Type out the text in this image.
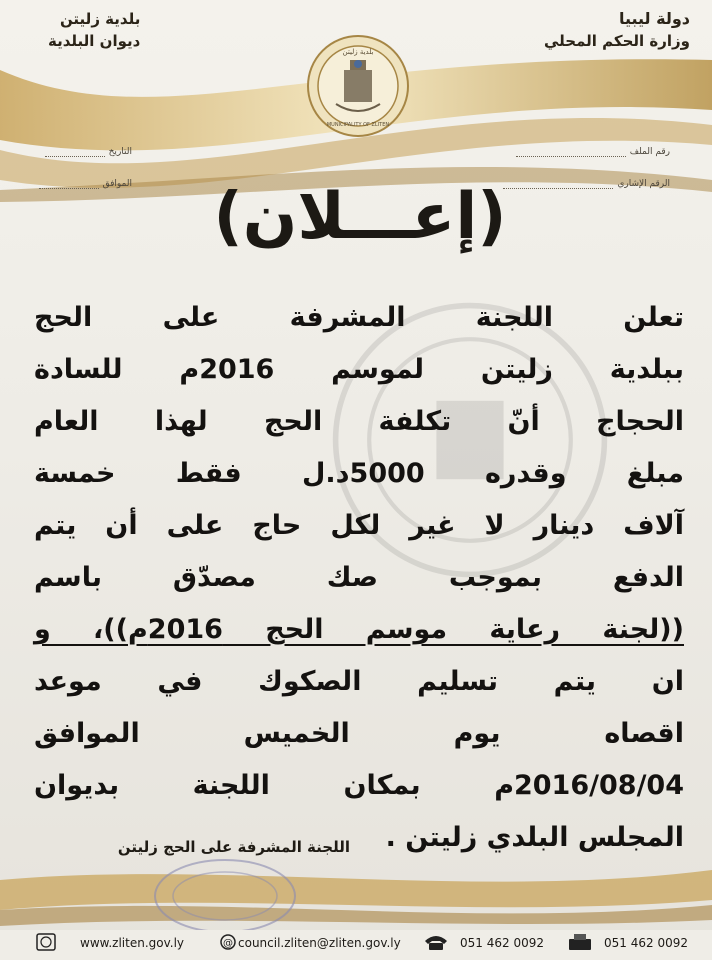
دولة ليبيا
وزارة الحكم المحلي
بلدية زليتن
ديوان البلدية
بلدية زليتن
MUNICIPALITY OF ZLITEN
رقم الملف
الرقم الإشاري
التاريخ
الموافق	(إعـــلان)

تعلن اللجنة المشرفة على الحج

ببلدية زليتن لموسم 2016م للسادة

الحجاج أنّ تكلفة الحج لهذا العام

مبلغ وقدره 5000د.ل فقط خمسة

آلاف دينار لا غير لكل حاج على أن يتم

الدفع بموجب صك مصدّق باسم

((لجنة رعاية موسم الحج 2016م))، و

ان يتم تسليم الصكوك في موعد

اقصاه يوم الخميس الموافق

2016/08/04م بمكان اللجنة بديوان

المجلس البلدي زليتن .

اللجنة المشرفة على الحج زليتن
www.zliten.gov.ly	@ council.zliten@zliten.gov.ly	051 462 0092	051 462 0092
